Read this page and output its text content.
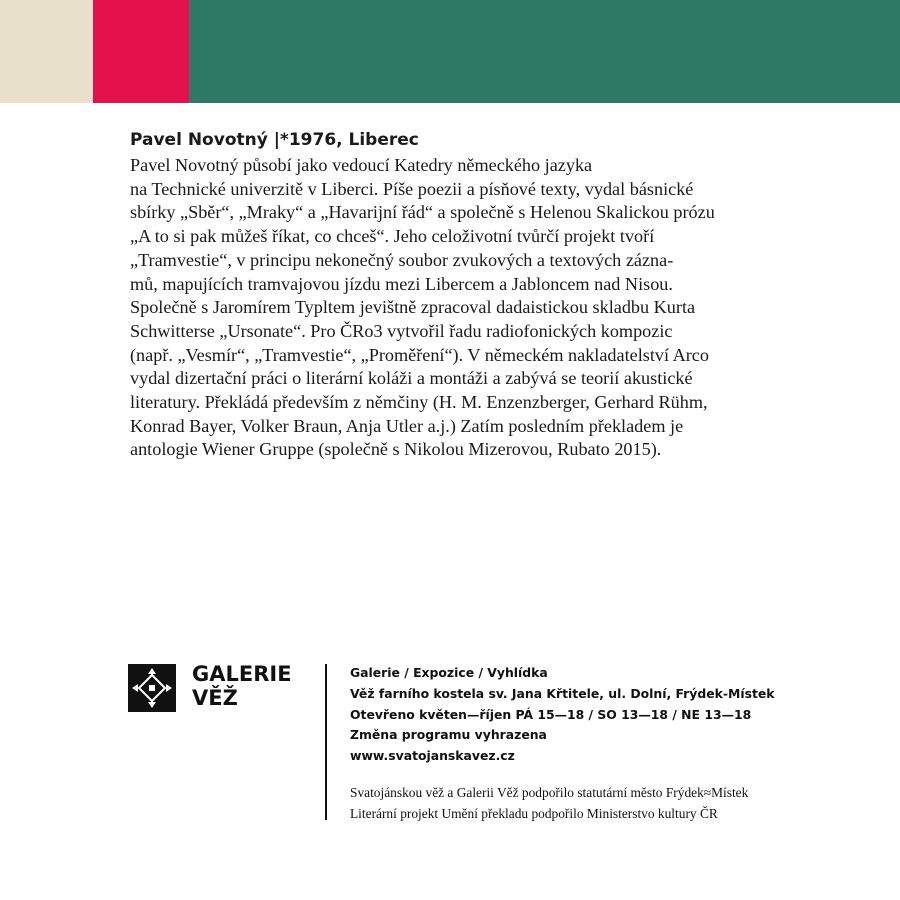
Pavel Novotný |*1976, Liberec
Pavel Novotný působí jako vedoucí Katedry německého jazyka
na Technické univerzitě v Liberci. Píše poezii a písňové texty, vydal básnické
sbírky „Sběr“, „Mraky“ a „Havarijní řád“ a společně s Helenou Skalickou prózu
„A to si pak můžeš říkat, co chceš“. Jeho celoživotní tvůrčí projekt tvoří
„Tramvestie“, v principu nekonečný soubor zvukových a textových zázna-
mů, mapujících tramvajovou jízdu mezi Libercem a Jabloncem nad Nisou.
Společně s Jaromírem Typltem jevištně zpracoval dadaistickou skladbu Kurta
Schwitterse „Ursonate“. Pro ČRo3 vytvořil řadu radiofonických kompozic
(např. „Vesmír“, „Tramvestie“, „Proměření“). V německém nakladatelství Arco
vydal dizertační práci o literární koláži a montáži a zabývá se teorií akustické
literatury. Překládá především z němčiny (H. M. Enzenzberger, Gerhard Rühm,
Konrad Bayer, Volker Braun, Anja Utler a.j.) Zatím posledním překladem je
antologie Wiener Gruppe (společně s Nikolou Mizerovou, Rubato 2015).
GALERIE
VĚŽ
Galerie / Expozice / Vyhlídka
Věž farního kostela sv. Jana Křtitele, ul. Dolní, Frýdek-Místek
Otevřeno květen—říjen PÁ 15—18 / SO 13—18 / NE 13—18
Změna programu vyhrazena
www.svatojanskavez.cz
Svatojánskou věž a Galerii Věž podpořilo statutární město Frýdek≈Místek
Literární projekt Umění překladu podpořilo Ministerstvo kultury ČR
